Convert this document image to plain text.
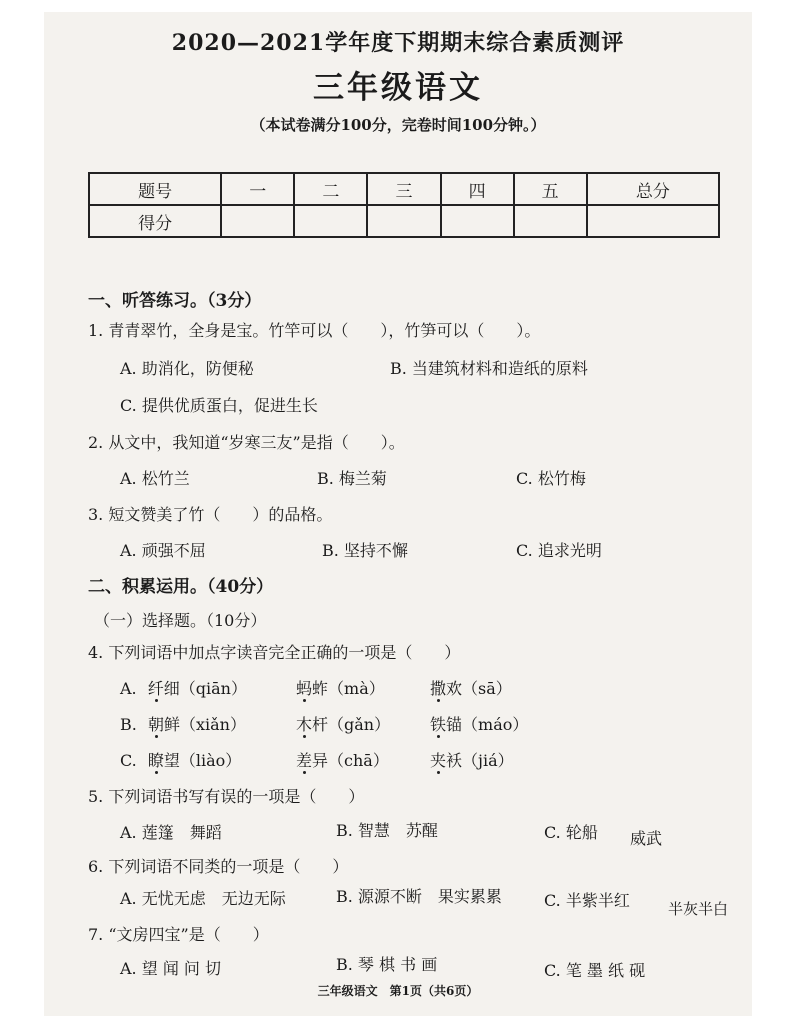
2020—2021学年度下期期末综合素质测评
三年级语文
（本试卷满分100分，完卷时间100分钟。）
题号	一	二	三	四	五	总分
得分						
一、听答练习。（3分）
1. 青青翠竹，全身是宝。竹竿可以（　　），竹笋可以（　　）。
A. 助消化，防便秘	B. 当建筑材料和造纸的原料
C. 提供优质蛋白，促进生长
2. 从文中，我知道“岁寒三友”是指（　　）。
A. 松竹兰	B. 梅兰菊	C. 松竹梅
3. 短文赞美了竹（　　）的品格。
A. 顽强不屈	B. 坚持不懈	C. 追求光明
二、积累运用。（40分）
（一）选择题。（10分）
4. 下列词语中加点字读音完全正确的一项是（　　）
A. 纤细（qiān）	蚂蚱（mà）	撒欢（sā）
B. 朝鲜（xiǎn）	木杆（gǎn） 铁锚（máo）
C. 瞭望（liào）	差异（chā）	夹袄（jiá）
5. 下列词语书写有误的一项是（　　）
A. 莲篷　舞蹈	B. 智慧　苏醒	C. 轮船 威武
6. 下列词语不同类的一项是（　　）
A. 无忧无虑　无边无际	B. 源源不断　果实累累	C. 半紫半红	半灰半白
7. “文房四宝”是（　　）
A. 望 闻 问 切	B. 琴 棋 书 画	C. 笔 墨 纸 砚
三年级语文　第1页（共6页）
